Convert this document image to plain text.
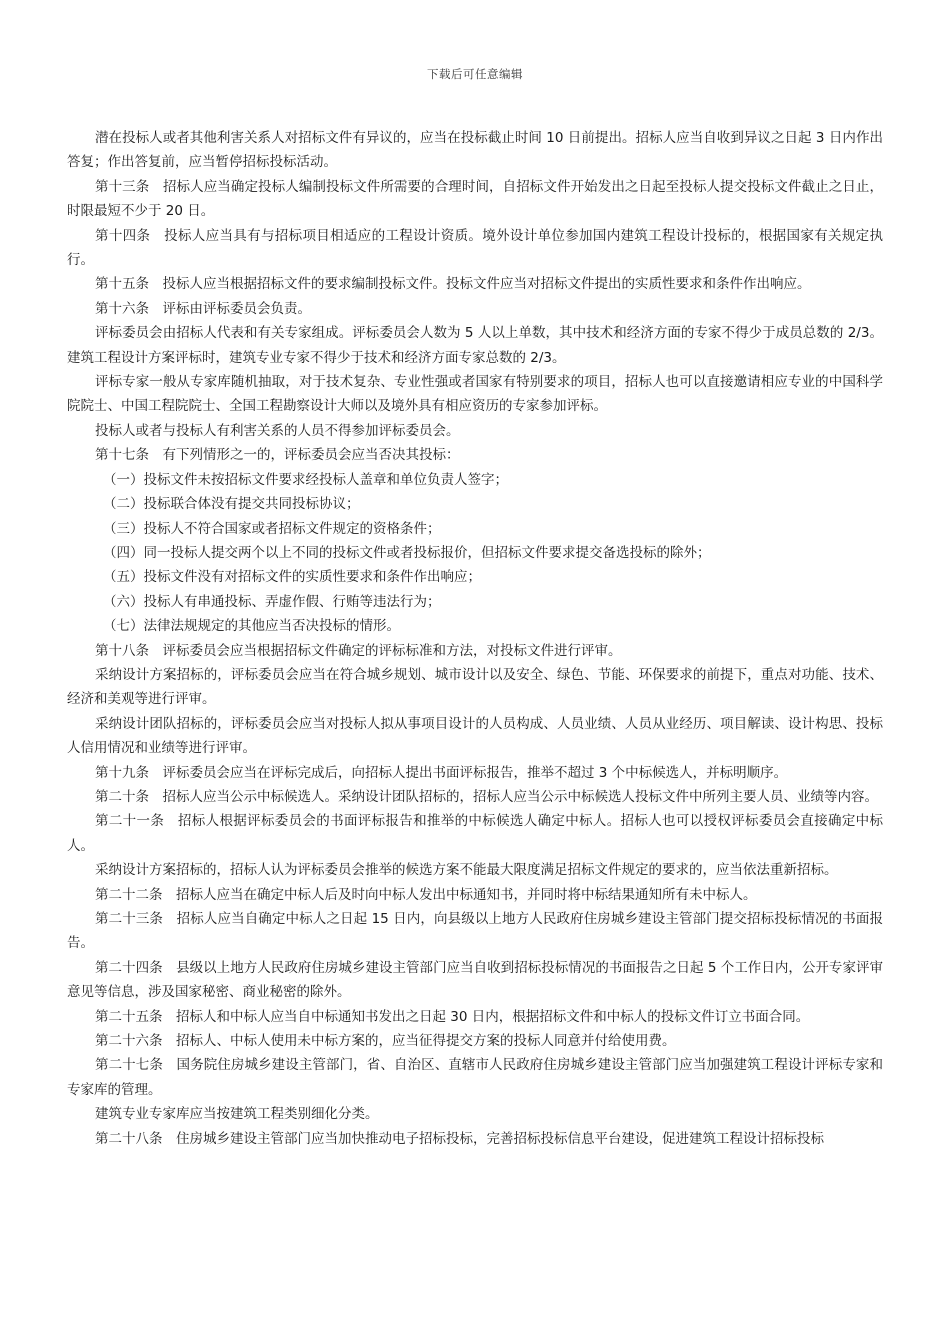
下载后可任意编辑

潜在投标人或者其他利害关系人对招标文件有异议的，应当在投标截止时间 10 日前提出。招标人应当自收到异议之日起 3 日内作出答复；作出答复前，应当暂停招标投标活动。

第十三条　招标人应当确定投标人编制投标文件所需要的合理时间，自招标文件开始发出之日起至投标人提交投标文件截止之日止，时限最短不少于 20 日。

第十四条　投标人应当具有与招标项目相适应的工程设计资质。境外设计单位参加国内建筑工程设计投标的，根据国家有关规定执行。

第十五条　投标人应当根据招标文件的要求编制投标文件。投标文件应当对招标文件提出的实质性要求和条件作出响应。

第十六条　评标由评标委员会负责。

评标委员会由招标人代表和有关专家组成。评标委员会人数为 5 人以上单数，其中技术和经济方面的专家不得少于成员总数的 2/3。建筑工程设计方案评标时，建筑专业专家不得少于技术和经济方面专家总数的 2/3。

评标专家一般从专家库随机抽取，对于技术复杂、专业性强或者国家有特别要求的项目，招标人也可以直接邀请相应专业的中国科学院院士、中国工程院院士、全国工程勘察设计大师以及境外具有相应资历的专家参加评标。

投标人或者与投标人有利害关系的人员不得参加评标委员会。

第十七条　有下列情形之一的，评标委员会应当否决其投标：

（一）投标文件未按招标文件要求经投标人盖章和单位负责人签字；

（二）投标联合体没有提交共同投标协议；

（三）投标人不符合国家或者招标文件规定的资格条件；

（四）同一投标人提交两个以上不同的投标文件或者投标报价，但招标文件要求提交备选投标的除外；

（五）投标文件没有对招标文件的实质性要求和条件作出响应；

（六）投标人有串通投标、弄虚作假、行贿等违法行为；

（七）法律法规规定的其他应当否决投标的情形。

第十八条　评标委员会应当根据招标文件确定的评标标准和方法，对投标文件进行评审。

采纳设计方案招标的，评标委员会应当在符合城乡规划、城市设计以及安全、绿色、节能、环保要求的前提下，重点对功能、技术、经济和美观等进行评审。

采纳设计团队招标的，评标委员会应当对投标人拟从事项目设计的人员构成、人员业绩、人员从业经历、项目解读、设计构思、投标人信用情况和业绩等进行评审。

第十九条　评标委员会应当在评标完成后，向招标人提出书面评标报告，推举不超过 3 个中标候选人，并标明顺序。

第二十条　招标人应当公示中标候选人。采纳设计团队招标的，招标人应当公示中标候选人投标文件中所列主要人员、业绩等内容。

第二十一条　招标人根据评标委员会的书面评标报告和推举的中标候选人确定中标人。招标人也可以授权评标委员会直接确定中标人。

采纳设计方案招标的，招标人认为评标委员会推举的候选方案不能最大限度满足招标文件规定的要求的，应当依法重新招标。

第二十二条　招标人应当在确定中标人后及时向中标人发出中标通知书，并同时将中标结果通知所有未中标人。

第二十三条　招标人应当自确定中标人之日起 15 日内，向县级以上地方人民政府住房城乡建设主管部门提交招标投标情况的书面报告。

第二十四条　县级以上地方人民政府住房城乡建设主管部门应当自收到招标投标情况的书面报告之日起 5 个工作日内，公开专家评审意见等信息，涉及国家秘密、商业秘密的除外。

第二十五条　招标人和中标人应当自中标通知书发出之日起 30 日内，根据招标文件和中标人的投标文件订立书面合同。

第二十六条　招标人、中标人使用未中标方案的，应当征得提交方案的投标人同意并付给使用费。

第二十七条　国务院住房城乡建设主管部门，省、自治区、直辖市人民政府住房城乡建设主管部门应当加强建筑工程设计评标专家和专家库的管理。

建筑专业专家库应当按建筑工程类别细化分类。

第二十八条　住房城乡建设主管部门应当加快推动电子招标投标，完善招标投标信息平台建设，促进建筑工程设计招标投标
